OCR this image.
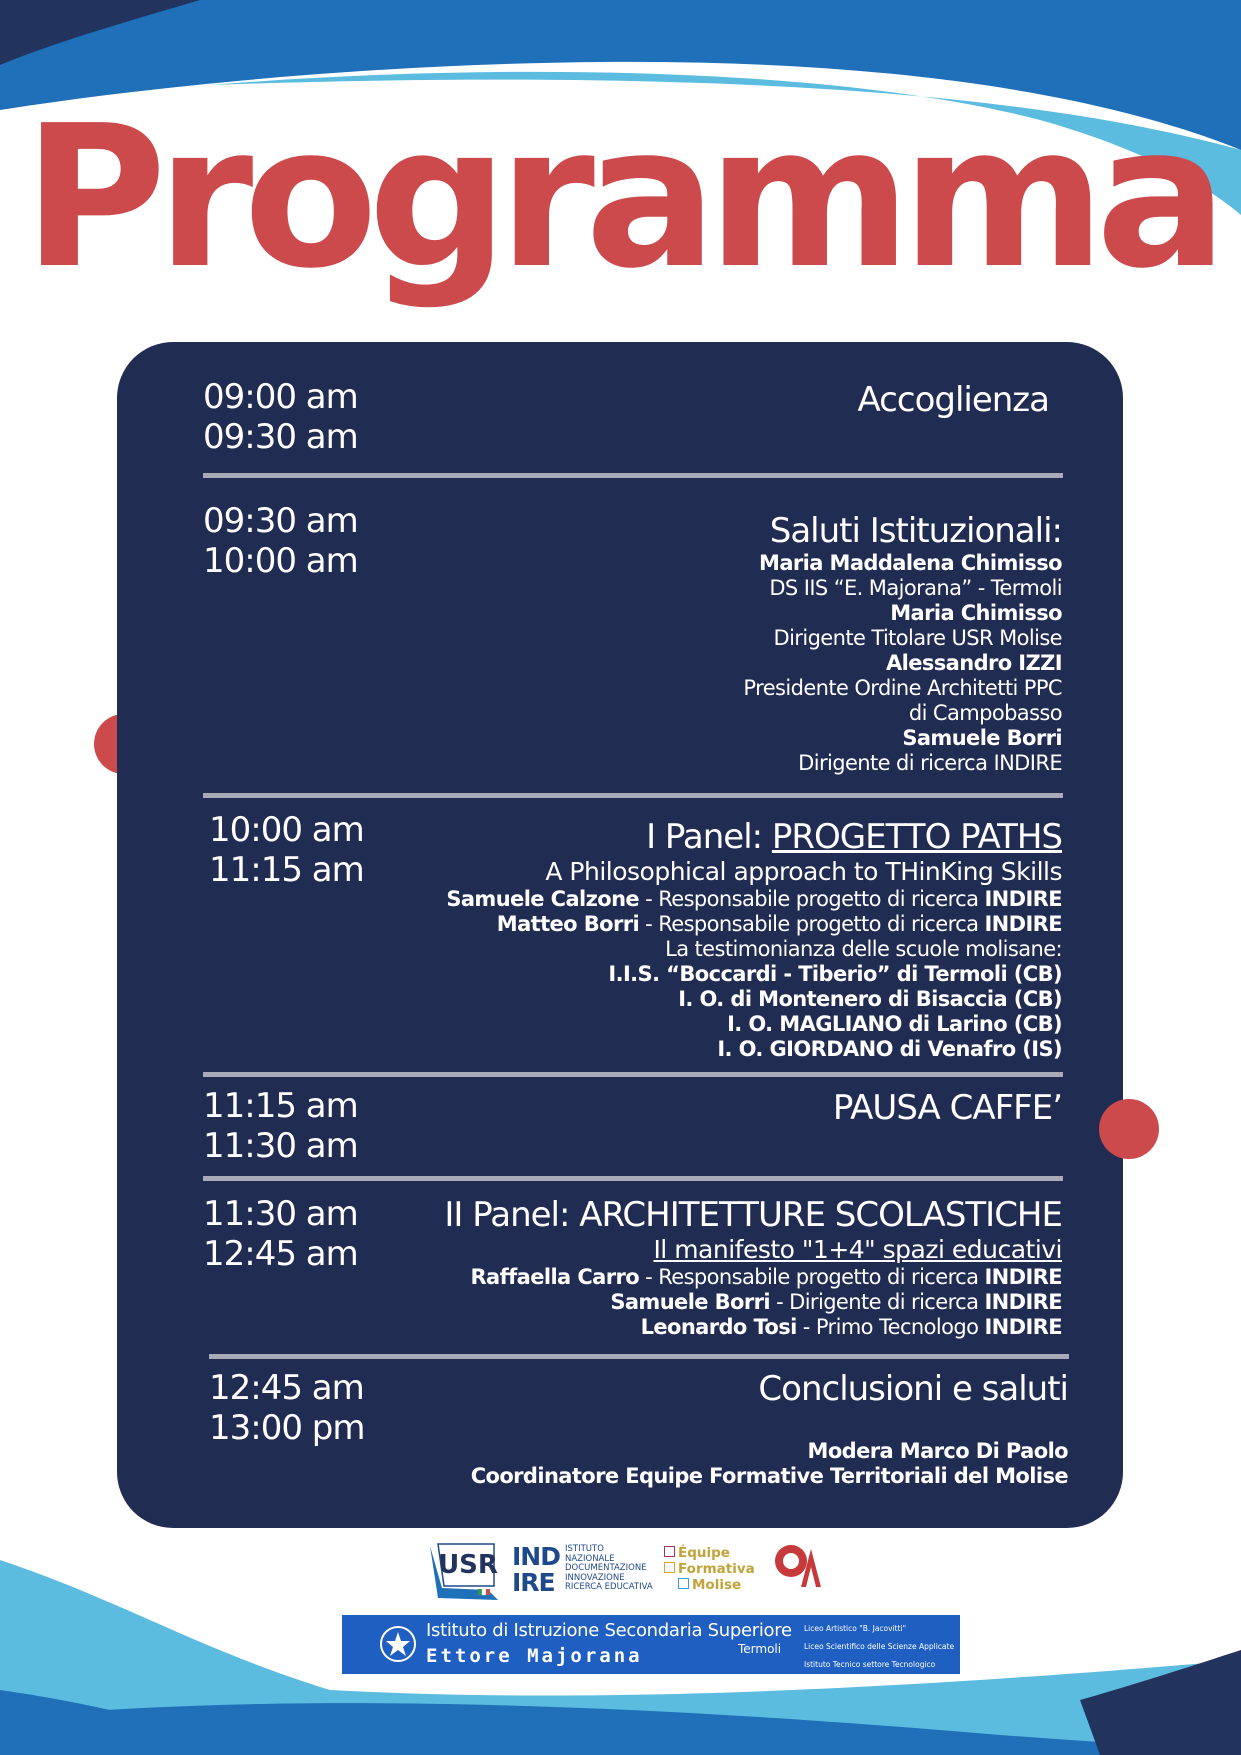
Programma
09:00 am
09:30 am
Accoglienza
09:30 am
10:00 am
Saluti Istituzionali:
Maria Maddalena Chimisso
DS IIS “E. Majorana” - Termoli
Maria Chimisso
Dirigente Titolare USR Molise
Alessandro IZZI
Presidente Ordine Architetti PPC
di Campobasso
Samuele Borri
Dirigente di ricerca INDIRE
10:00 am
11:15 am
I Panel: PROGETTO PATHS
A Philosophical approach to THinKing Skills
Samuele Calzone - Responsabile progetto di ricerca INDIRE
Matteo Borri - Responsabile progetto di ricerca INDIRE
La testimonianza delle scuole molisane:
I.I.S. “Boccardi - Tiberio” di Termoli (CB)
I. O. di Montenero di Bisaccia (CB)
I. O. MAGLIANO di Larino (CB)
I. O. GIORDANO di Venafro (IS)
11:15 am
11:30 am
PAUSA CAFFE’
11:30 am
12:45 am
II Panel: ARCHITETTURE SCOLASTICHE
Il manifesto "1+4" spazi educativi
Raffaella Carro - Responsabile progetto di ricerca INDIRE
Samuele Borri - Dirigente di ricerca INDIRE
Leonardo Tosi - Primo Tecnologo INDIRE
12:45 am
13:00 pm
Conclusioni e saluti
Modera Marco Di Paolo
Coordinatore Equipe Formative Territoriali del Molise
USR IND
IRE
ISTITUTO
NAZIONALE
DOCUMENTAZIONE
INNOVAZIONE
RICERCA EDUCATIVA
Équipe
Formativa
Molise	OA
Istituto di Istruzione Secondaria Superiore
Ettore Majorana	Termoli
Liceo Artistico "B. Jacovitti"
Liceo Scientifico delle Scienze Applicate
Istituto Tecnico settore Tecnologico
